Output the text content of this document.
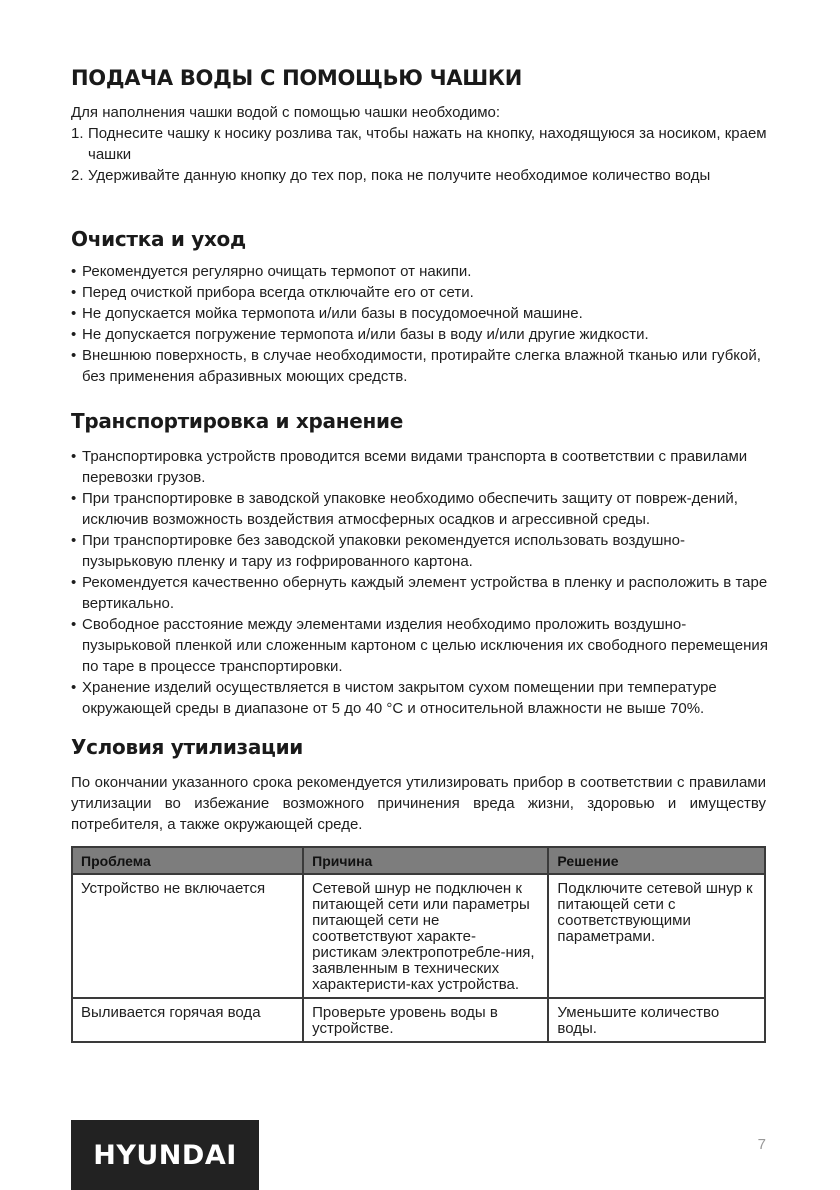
ПОДАЧА ВОДЫ С ПОМОЩЬЮ ЧАШКИ

Для наполнения чашки водой с помощью чашки необходимо:

1. Поднесите чашку к носику розлива так, чтобы нажать на кнопку, находящуюся за носиком, краем чашки
2. Удерживайте данную кнопку до тех пор, пока не получите необходимое количество воды
Очистка и уход
• Рекомендуется регулярно очищать термопот от накипи.
• Перед очисткой прибора всегда отключайте его от сети.
• Не допускается мойка термопота и/или базы в посудомоечной машине.
• Не допускается погружение термопота и/или базы в воду и/или другие жидкости.
• Внешнюю поверхность, в случае необходимости, протирайте слегка влажной тканью или губкой, без применения абразивных моющих средств.
Транспортировка и хранение
• Транспортировка устройств проводится всеми видами транспорта в соответствии с правилами перевозки грузов.
• При транспортировке в заводской упаковке необходимо обеспечить защиту от повреж-дений, исключив возможность воздействия атмосферных осадков и агрессивной среды.
• При транспортировке без заводской упаковки рекомендуется использовать воздушно-пузырьковую пленку и тару из гофрированного картона.
• Рекомендуется качественно обернуть каждый элемент устройства в пленку и расположить в таре вертикально.
• Свободное расстояние между элементами изделия необходимо проложить воздушно-пузырьковой пленкой или сложенным картоном с целью исключения их свободного перемещения по таре в процессе транспортировки.
• Хранение изделий осуществляется в чистом закрытом сухом помещении при температуре окружающей среды в диапазоне от 5 до 40 °С и относительной влажности не выше 70%.
Условия утилизации

По окончании указанного срока рекомендуется утилизировать прибор в соответствии с правилами утилизации во избежание возможного причинения вреда жизни, здоровью и имуществу потребителя, а также окружающей среде.

Проблема	Причина	Решение
Устройство не включается	Сетевой шнур не подключен к питающей сети или параметры питающей сети не соответствуют характе-ристикам электропотребле-ния, заявленным в технических характеристи-ках устройства.	Подключите сетевой шнур к питающей сети с соответствующими параметрами.
Выливается горячая вода	Проверьте уровень воды в устройстве.	Уменьшите количество воды.
HYUNDAI	7
